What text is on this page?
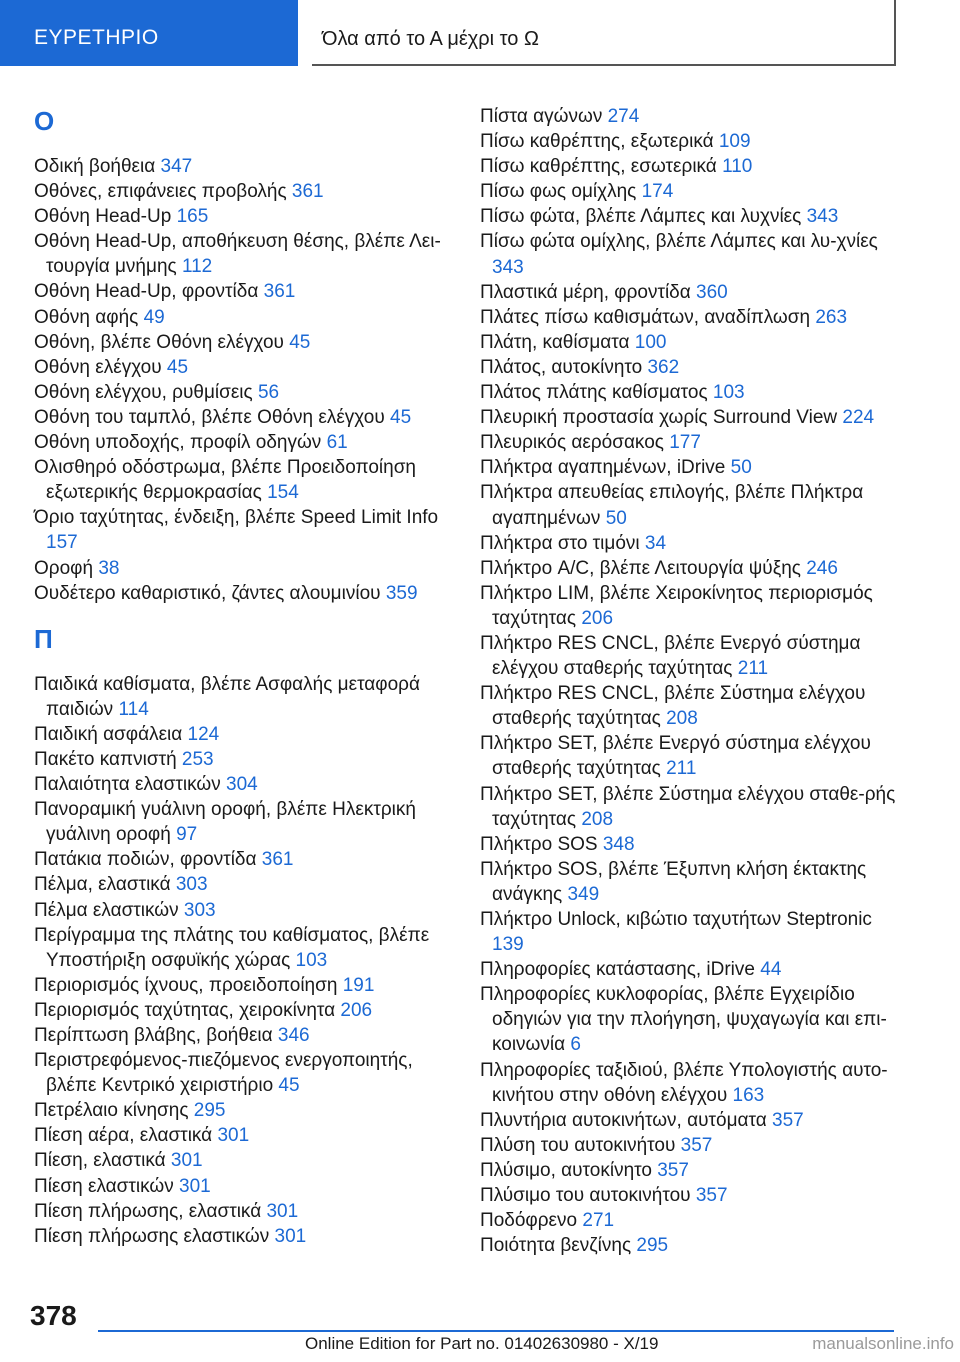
ΕΥΡΕΤΗΡΙΟ	Όλα από το Α μέχρι το Ω
Ο
Οδική βοήθεια 347
Οθόνες, επιφάνειες προβολής 361
Οθόνη Head-Up 165
Οθόνη Head-Up, αποθήκευση θέσης, βλέπε Λει-τουργία μνήμης 112
Οθόνη Head-Up, φροντίδα 361
Οθόνη αφής 49
Οθόνη, βλέπε Οθόνη ελέγχου 45
Οθόνη ελέγχου 45
Οθόνη ελέγχου, ρυθμίσεις 56
Οθόνη του ταμπλό, βλέπε Οθόνη ελέγχου 45
Οθόνη υποδοχής, προφίλ οδηγών 61
Ολισθηρό οδόστρωμα, βλέπε Προειδοποίηση εξωτερικής θερμοκρασίας 154
Όριο ταχύτητας, ένδειξη, βλέπε Speed Limit Info 157
Οροφή 38
Ουδέτερο καθαριστικό, ζάντες αλουμινίου 359
Π
Παιδικά καθίσματα, βλέπε Ασφαλής μεταφορά παιδιών 114
Παιδική ασφάλεια 124
Πακέτο καπνιστή 253
Παλαιότητα ελαστικών 304
Πανοραμική γυάλινη οροφή, βλέπε Ηλεκτρική γυάλινη οροφή 97
Πατάκια ποδιών, φροντίδα 361
Πέλμα, ελαστικά 303
Πέλμα ελαστικών 303
Περίγραμμα της πλάτης του καθίσματος, βλέπε Υποστήριξη οσφυϊκής χώρας 103
Περιορισμός ίχνους, προειδοποίηση 191
Περιορισμός ταχύτητας, χειροκίνητα 206
Περίπτωση βλάβης, βοήθεια 346
Περιστρεφόμενος-πιεζόμενος ενεργοποιητής, βλέπε Κεντρικό χειριστήριο 45
Πετρέλαιο κίνησης 295
Πίεση αέρα, ελαστικά 301
Πίεση, ελαστικά 301
Πίεση ελαστικών 301
Πίεση πλήρωσης, ελαστικά 301
Πίεση πλήρωσης ελαστικών 301
Πίστα αγώνων 274
Πίσω καθρέπτης, εξωτερικά 109
Πίσω καθρέπτης, εσωτερικά 110
Πίσω φως ομίχλης 174
Πίσω φώτα, βλέπε Λάμπες και λυχνίες 343
Πίσω φώτα ομίχλης, βλέπε Λάμπες και λυ-χνίες 343
Πλαστικά μέρη, φροντίδα 360
Πλάτες πίσω καθισμάτων, αναδίπλωση 263
Πλάτη, καθίσματα 100
Πλάτος, αυτοκίνητο 362
Πλάτος πλάτης καθίσματος 103
Πλευρική προστασία χωρίς Surround View 224
Πλευρικός αερόσακος 177
Πλήκτρα αγαπημένων, iDrive 50
Πλήκτρα απευθείας επιλογής, βλέπε Πλήκτρα αγαπημένων 50
Πλήκτρα στο τιμόνι 34
Πλήκτρο A/C, βλέπε Λειτουργία ψύξης 246
Πλήκτρο LIM, βλέπε Χειροκίνητος περιορισμός ταχύτητας 206
Πλήκτρο RES CNCL, βλέπε Ενεργό σύστημα ελέγχου σταθερής ταχύτητας 211
Πλήκτρο RES CNCL, βλέπε Σύστημα ελέγχου σταθερής ταχύτητας 208
Πλήκτρο SET, βλέπε Ενεργό σύστημα ελέγχου σταθερής ταχύτητας 211
Πλήκτρο SET, βλέπε Σύστημα ελέγχου σταθε-ρής ταχύτητας 208
Πλήκτρο SOS 348
Πλήκτρο SOS, βλέπε Έξυπνη κλήση έκτακτης ανάγκης 349
Πλήκτρο Unlock, κιβώτιο ταχυτήτων Steptronic 139
Πληροφορίες κατάστασης, iDrive 44
Πληροφορίες κυκλοφορίας, βλέπε Εγχειρίδιο οδηγιών για την πλοήγηση, ψυχαγωγία και επι-κοινωνία 6
Πληροφορίες ταξιδιού, βλέπε Υπολογιστής αυτο-κινήτου στην οθόνη ελέγχου 163
Πλυντήρια αυτοκινήτων, αυτόματα 357
Πλύση του αυτοκινήτου 357
Πλύσιμο, αυτοκίνητο 357
Πλύσιμο του αυτοκινήτου 357
Ποδόφρενο 271
Ποιότητα βενζίνης 295
378
Online Edition for Part no. 01402630980 - X/19	manualsonline.info
